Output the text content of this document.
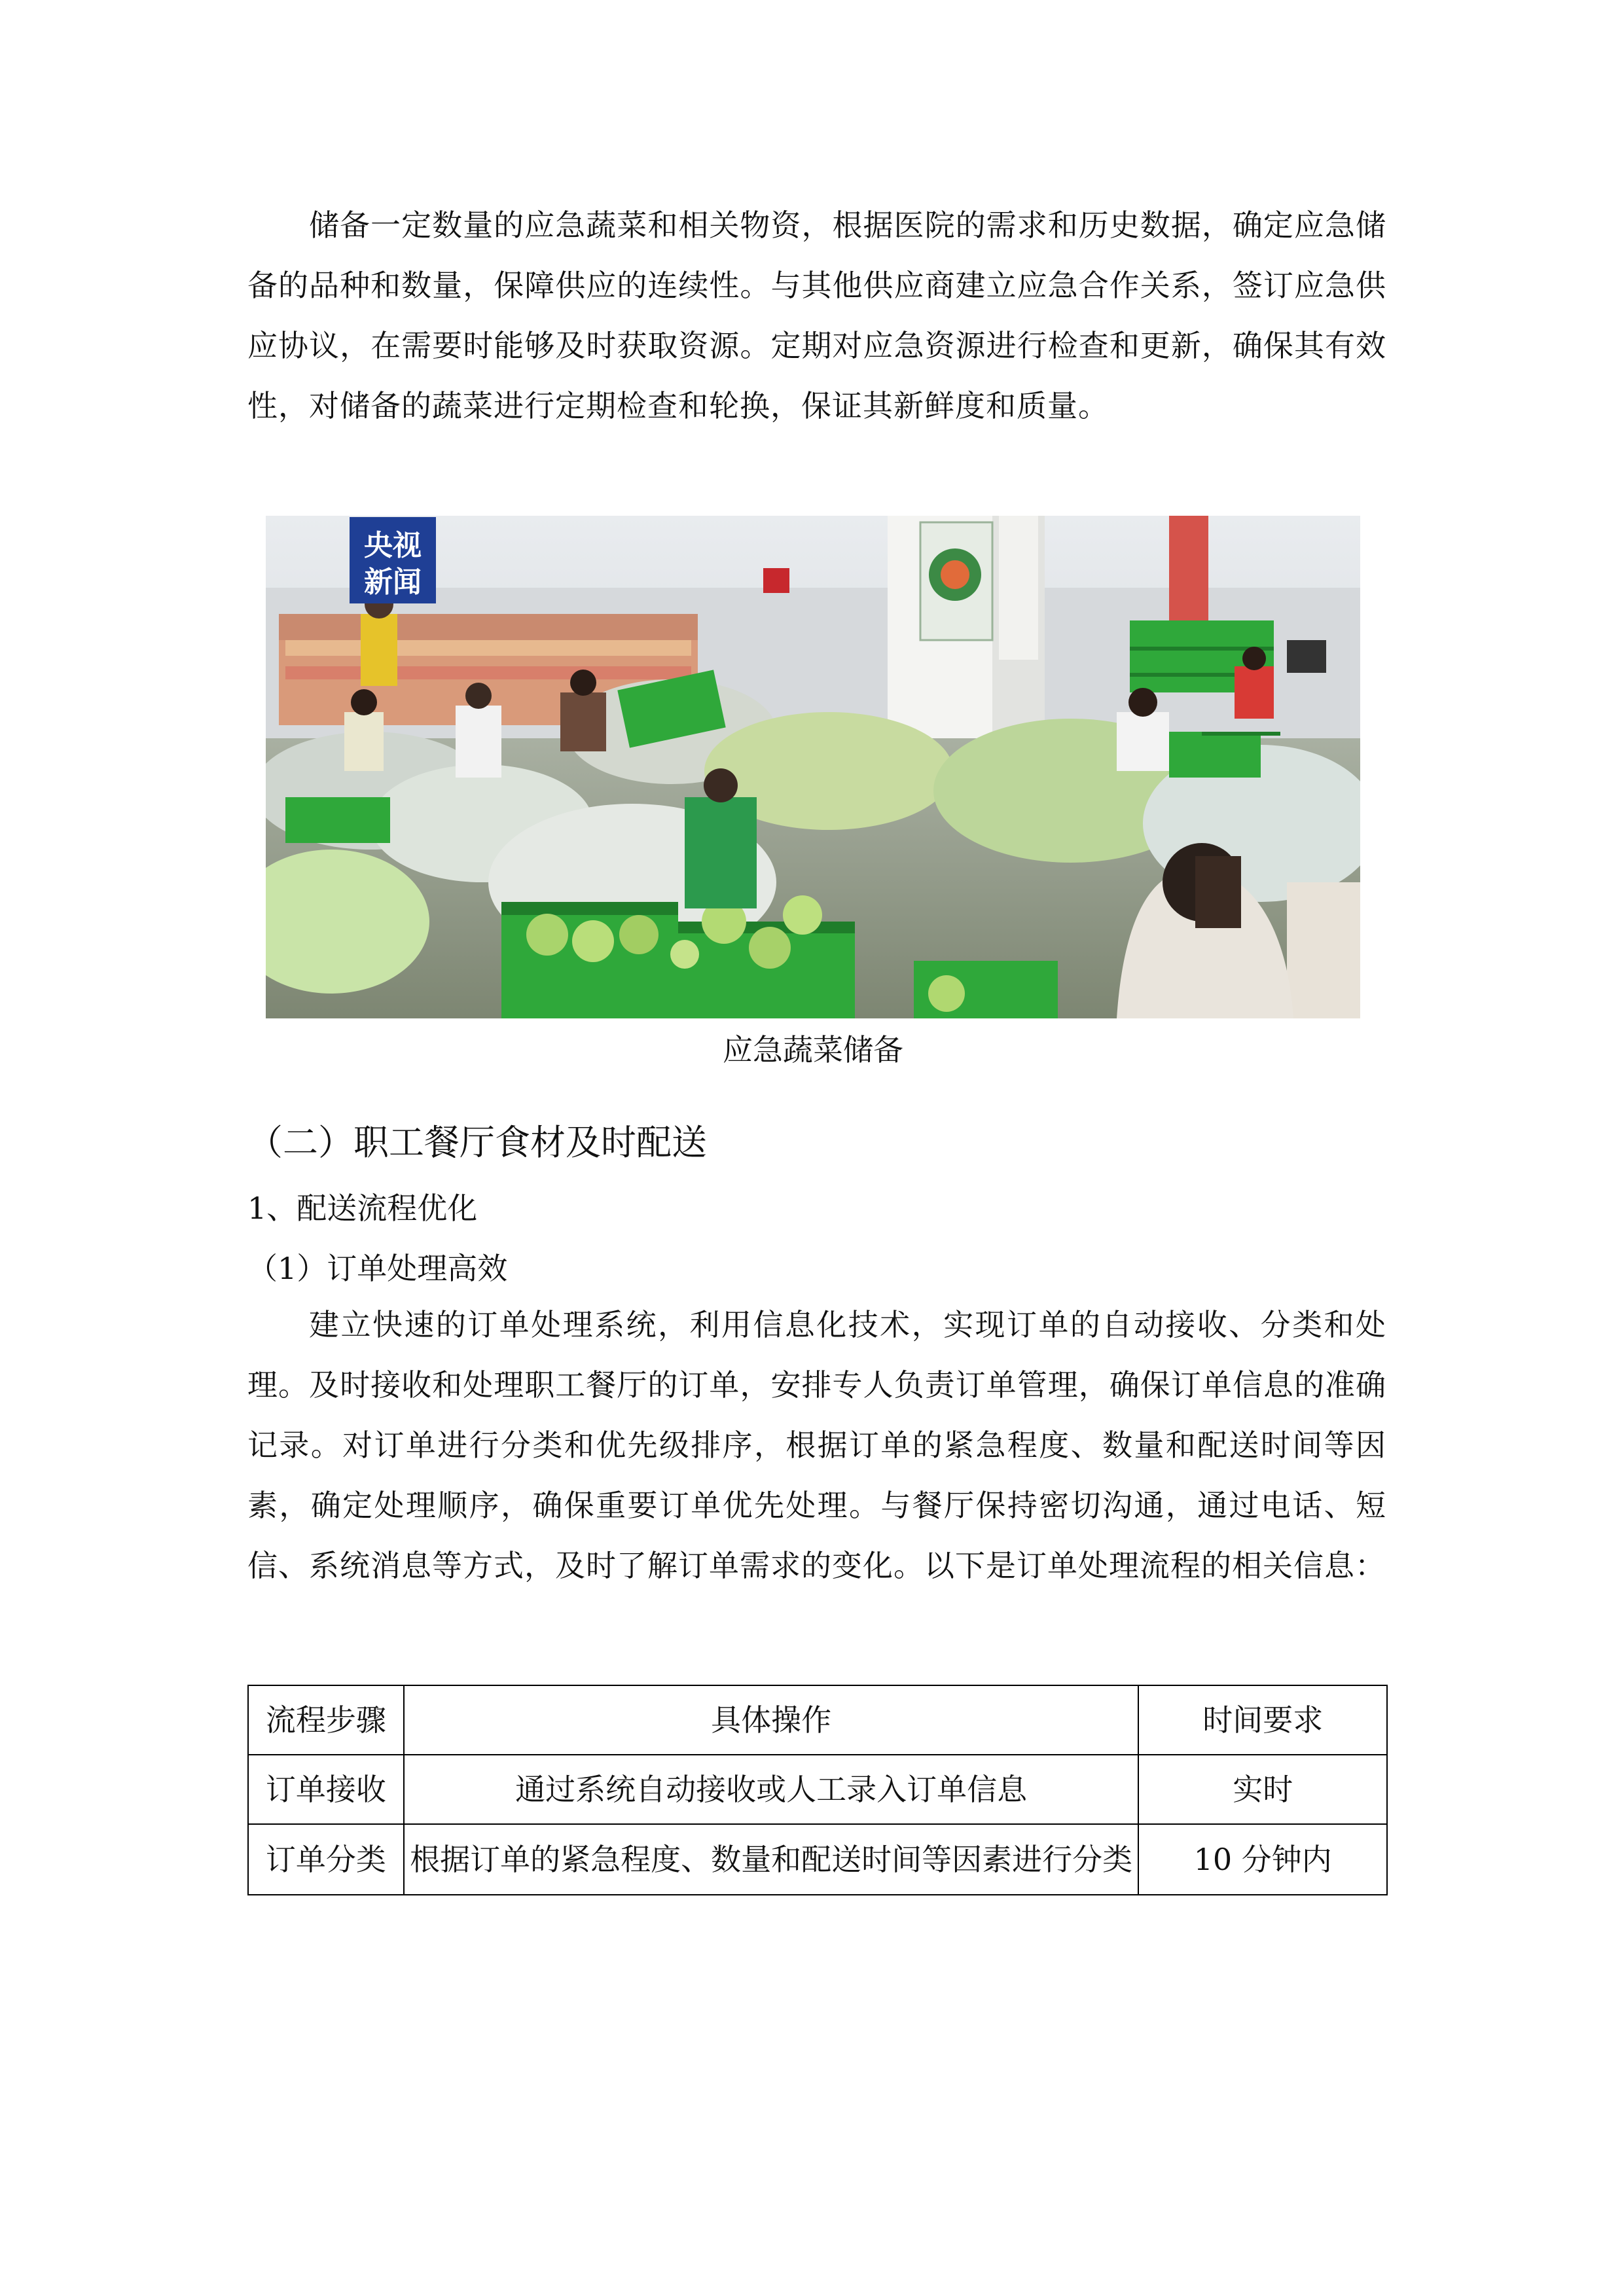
储备一定数量的应急蔬菜和相关物资，根据医院的需求和历史数据，确定应急储备的品种和数量，保障供应的连续性。与其他供应商建立应急合作关系，签订应急供应协议，在需要时能够及时获取资源。定期对应急资源进行检查和更新，确保其有效性，对储备的蔬菜进行定期检查和轮换，保证其新鲜度和质量。

央视
新闻

应急蔬菜储备

（二）职工餐厅食材及时配送
1、配送流程优化
（1）订单处理高效

建立快速的订单处理系统，利用信息化技术，实现订单的自动接收、分类和处理。及时接收和处理职工餐厅的订单，安排专人负责订单管理，确保订单信息的准确记录。对订单进行分类和优先级排序，根据订单的紧急程度、数量和配送时间等因素，确定处理顺序，确保重要订单优先处理。与餐厅保持密切沟通，通过电话、短信、系统消息等方式，及时了解订单需求的变化。以下是订单处理流程的相关信息：

流程步骤	具体操作	时间要求
订单接收	通过系统自动接收或人工录入订单信息	实时
订单分类	根据订单的紧急程度、数量和配送时间等因素进行分类	10 分钟内
